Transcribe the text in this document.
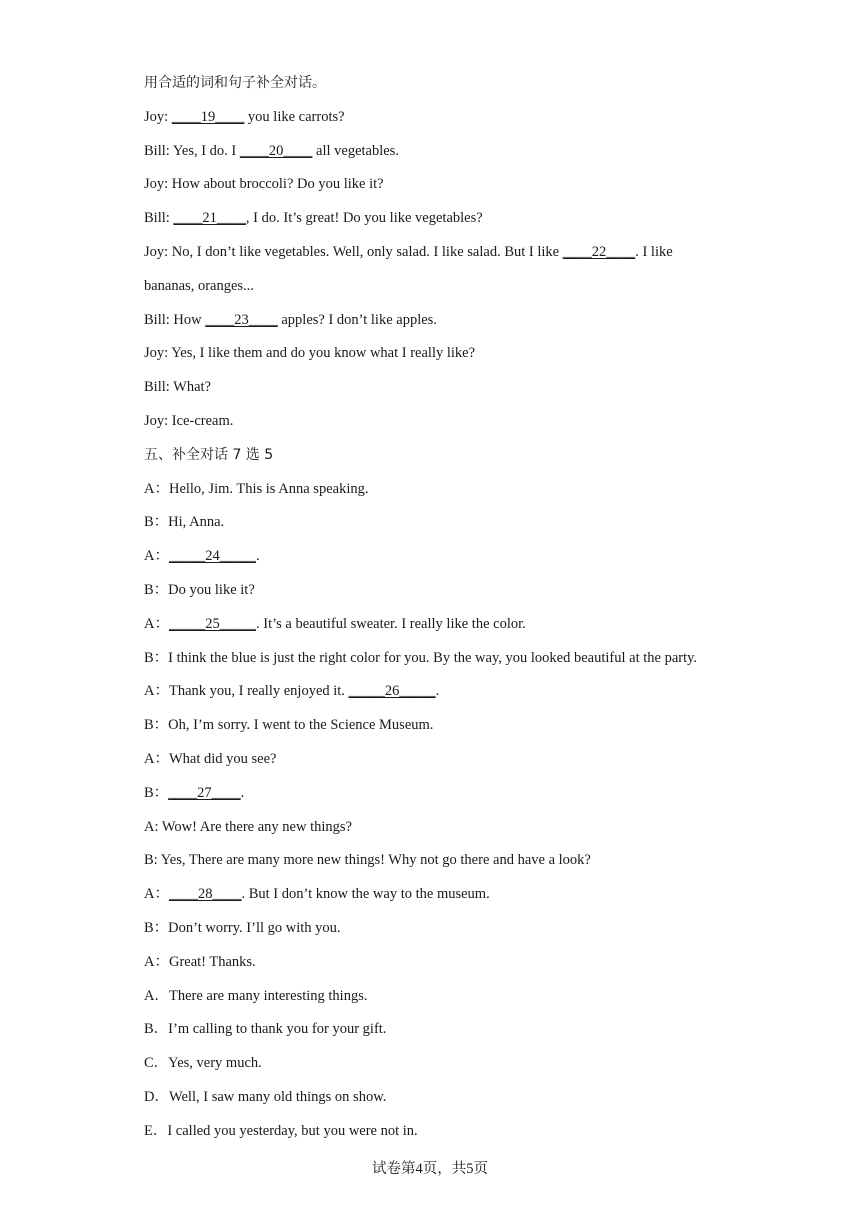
用合适的词和句子补全对话。
Joy: ____19____ you like carrots?
Bill: Yes, I do. I ____20____ all vegetables.
Joy: How about broccoli? Do you like it?
Bill: ____21____, I do. It’s great! Do you like vegetables?
Joy: No, I don’t like vegetables. Well, only salad. I like salad. But I like ____22____. I like
bananas, oranges...
Bill: How ____23____ apples? I don’t like apples.
Joy: Yes, I like them and do you know what I really like?
Bill: What?
Joy: Ice-cream.
五、补全对话 7 选 5
A：Hello, Jim. This is Anna speaking.
B：Hi, Anna.
A：_____24_____.
B：Do you like it?
A：_____25_____. It’s a beautiful sweater. I really like the color.
B：I think the blue is just the right color for you. By the way, you looked beautiful at the party.
A：Thank you, I really enjoyed it. _____26_____.
B：Oh, I’m sorry. I went to the Science Museum.
A：What did you see?
B：____27____.
A: Wow! Are there any new things?
B: Yes, There are many more new things! Why not go there and have a look?
A：____28____. But I don’t know the way to the museum.
B：Don’t worry. I’ll go with you.
A：Great! Thanks.
A．There are many interesting things.
B．I’m calling to thank you for your gift.
C．Yes, very much.
D．Well, I saw many old things on show.
E．I called you yesterday, but you were not in.
试卷第4页，共5页
